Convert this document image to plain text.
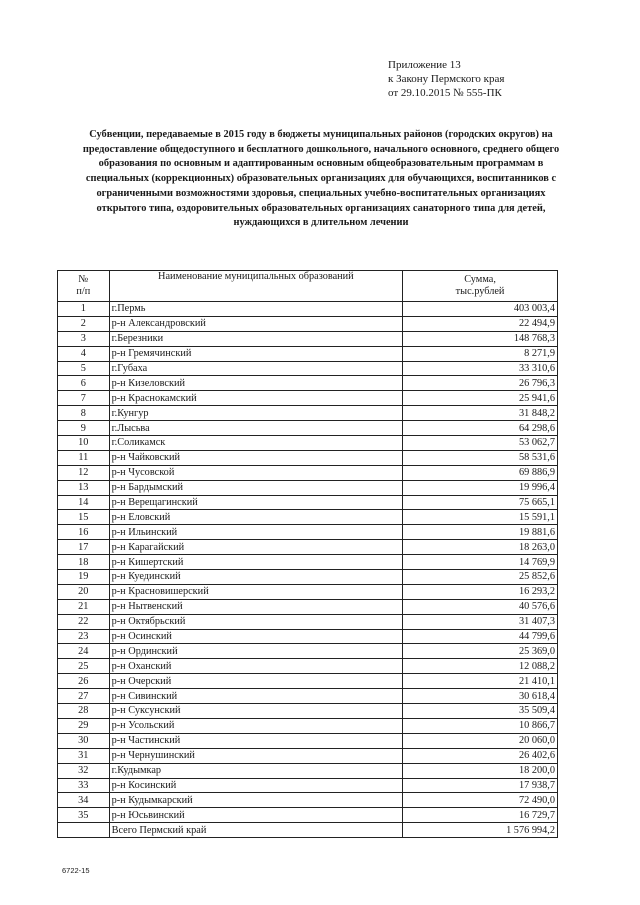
Приложение 13
к Закону Пермского края
от 29.10.2015 № 555-ПК
Субвенции, передаваемые в 2015 году в бюджеты муниципальных районов (городских округов) на предоставление общедоступного и бесплатного дошкольного, начального основного, среднего общего образования по основным и адаптированным основным общеобразовательным программам в специальных (коррекционных) образовательных организациях для обучающихся, воспитанников с ограниченными возможностями здоровья, специальных учебно-воспитательных организациях открытого типа, оздоровительных образовательных организациях санаторного типа для детей, нуждающихся в длительном лечении
№
п/п	Наименование муниципальных образований	Сумма,
тыс.рублей
1	г.Пермь	403 003,4
2	р-н Александровский	22 494,9
3	г.Березники	148 768,3
4	р-н Гремячинский	8 271,9
5	г.Губаха	33 310,6
6	р-н Кизеловский	26 796,3
7	р-н Краснокамский	25 941,6
8	г.Кунгур	31 848,2
9	г.Лысьва	64 298,6
10	г.Соликамск	53 062,7
11	р-н Чайковский	58 531,6
12	р-н Чусовской	69 886,9
13	р-н Бардымский	19 996,4
14	р-н Верещагинский	75 665,1
15	р-н Еловский	15 591,1
16	р-н Ильинский	19 881,6
17	р-н Карагайский	18 263,0
18	р-н Кишертский	14 769,9
19	р-н Куединский	25 852,6
20	р-н Красновишерский	16 293,2
21	р-н Нытвенский	40 576,6
22	р-н Октябрьский	31 407,3
23	р-н Осинский	44 799,6
24	р-н Ординский	25 369,0
25	р-н Оханский	12 088,2
26	р-н Очерский	21 410,1
27	р-н Сивинский	30 618,4
28	р-н Суксунский	35 509,4
29	р-н Усольский	10 866,7
30	р-н Частинский	20 060,0
31	р-н Чернушинский	26 402,6
32	г.Кудымкар	18 200,0
33	р-н Косинский	17 938,7
34	р-н Кудымкарский	72 490,0
35	р-н Юсьвинский	16 729,7
	Всего Пермский край	1 576 994,2
6722-15
